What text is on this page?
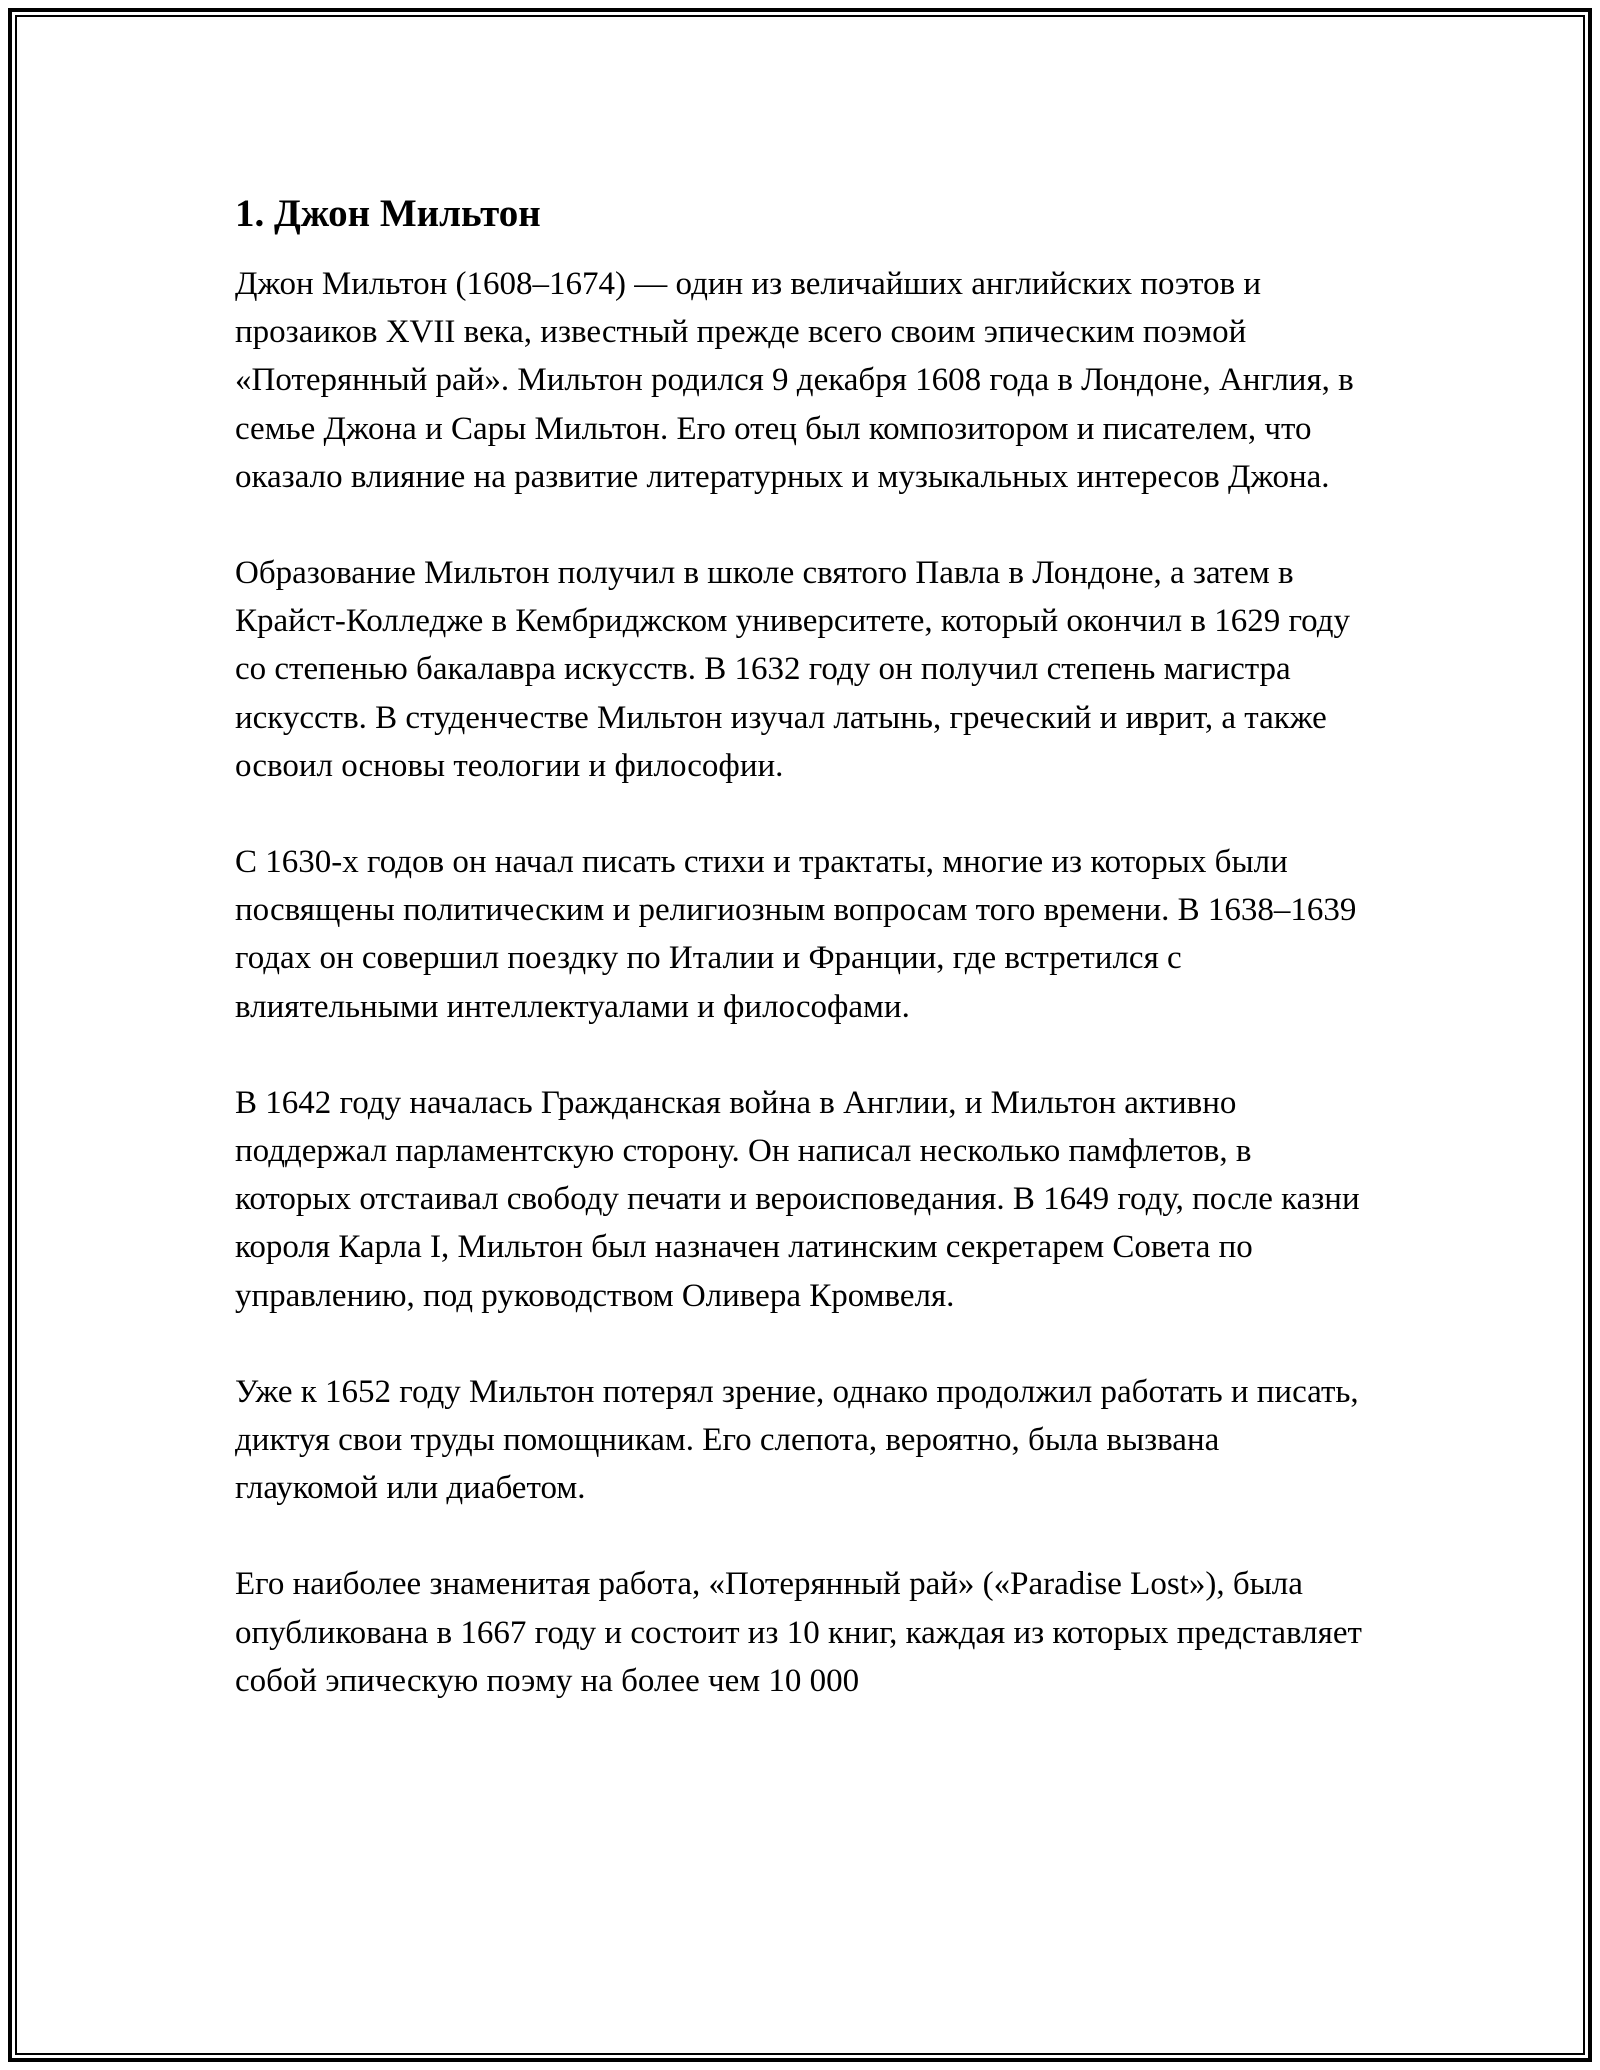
1. Джон Мильтон

Джон Мильтон (1608–1674) — один из величайших английских поэтов и прозаиков XVII века, известный прежде всего своим эпическим поэмой «Потерянный рай». Мильтон родился 9 декабря 1608 года в Лондоне, Англия, в семье Джона и Сары Мильтон. Его отец был композитором и писателем, что оказало влияние на развитие литературных и музыкальных интересов Джона.

Образование Мильтон получил в школе святого Павла в Лондоне, а затем в Крайст-Колледже в Кембриджском университете, который окончил в 1629 году со степенью бакалавра искусств. В 1632 году он получил степень магистра искусств. В студенчестве Мильтон изучал латынь, греческий и иврит, а также освоил основы теологии и философии.

С 1630-х годов он начал писать стихи и трактаты, многие из которых были посвящены политическим и религиозным вопросам того времени. В 1638–1639 годах он совершил поездку по Италии и Франции, где встретился с влиятельными интеллектуалами и философами.

В 1642 году началась Гражданская война в Англии, и Мильтон активно поддержал парламентскую сторону. Он написал несколько памфлетов, в которых отстаивал свободу печати и вероисповедания. В 1649 году, после казни короля Карла I, Мильтон был назначен латинским секретарем Совета по управлению, под руководством Оливера Кромвеля.

Уже к 1652 году Мильтон потерял зрение, однако продолжил работать и писать, диктуя свои труды помощникам. Его слепота, вероятно, была вызвана глаукомой или диабетом.

Его наиболее знаменитая работа, «Потерянный рай» («Paradise Lost»), была опубликована в 1667 году и состоит из 10 книг, каждая из которых представляет собой эпическую поэму на более чем 10 000
